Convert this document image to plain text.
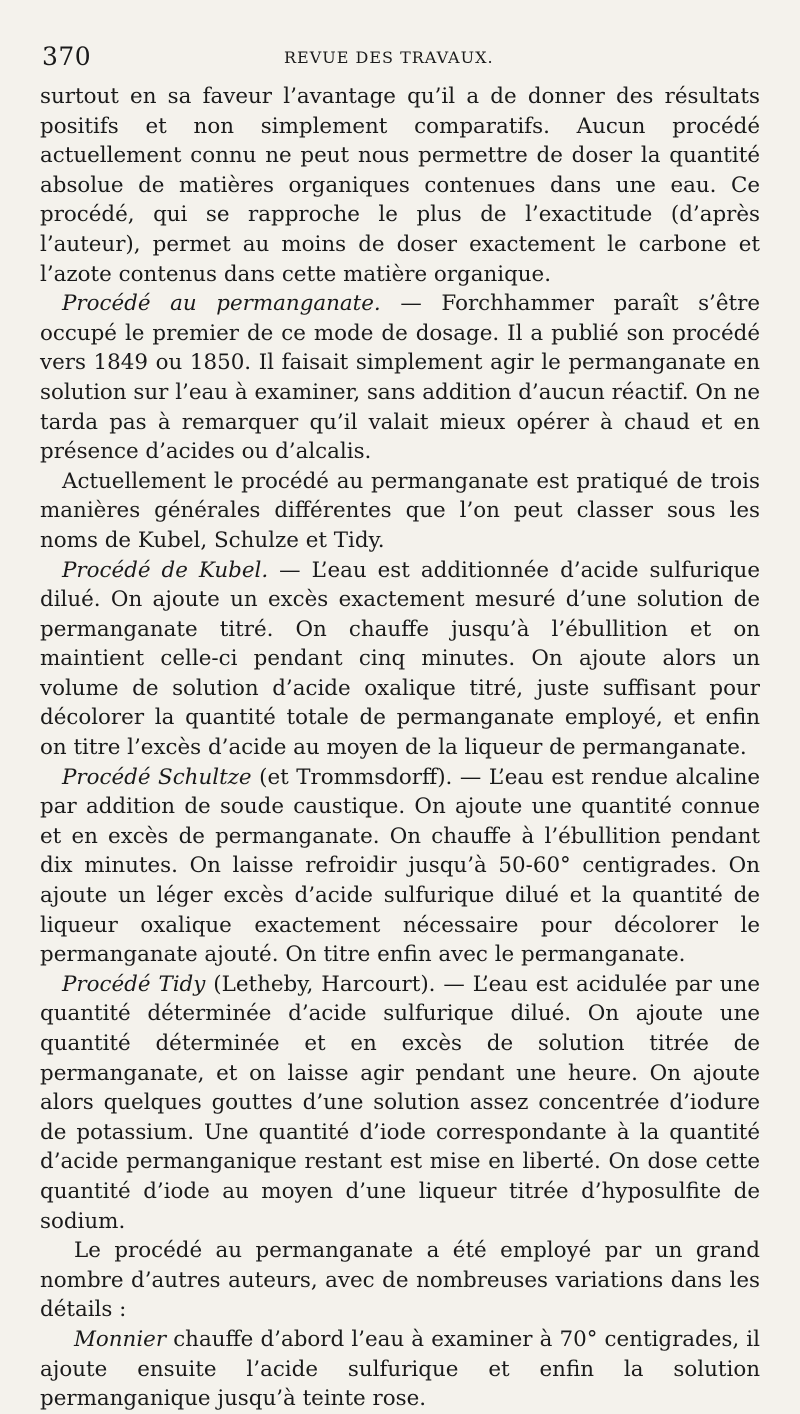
370	REVUE DES TRAVAUX.

surtout en sa faveur l’avantage qu’il a de donner des résultats positifs et non simplement comparatifs. Aucun procédé actuellement connu ne peut nous permettre de doser la quantité absolue de matières organiques contenues dans une eau. Ce procédé, qui se rapproche le plus de l’exactitude (d’après l’auteur), permet au moins de doser exactement le carbone et l’azote contenus dans cette matière organique.

Procédé au permanganate. — Forchhammer paraît s’être occupé le premier de ce mode de dosage. Il a publié son procédé vers 1849 ou 1850. Il faisait simplement agir le permanganate en solution sur l’eau à examiner, sans addition d’aucun réactif. On ne tarda pas à remarquer qu’il valait mieux opérer à chaud et en présence d’acides ou d’alcalis.

Actuellement le procédé au permanganate est pratiqué de trois manières générales différentes que l’on peut classer sous les noms de Kubel, Schulze et Tidy.

Procédé de Kubel. — L’eau est additionnée d’acide sulfurique dilué. On ajoute un excès exactement mesuré d’une solution de permanganate titré. On chauffe jusqu’à l’ébullition et on maintient celle-ci pendant cinq minutes. On ajoute alors un volume de solution d’acide oxalique titré, juste suffisant pour décolorer la quantité totale de permanganate employé, et enfin on titre l’excès d’acide au moyen de la liqueur de permanganate.

Procédé Schultze (et Trommsdorff). — L’eau est rendue alcaline par addition de soude caustique. On ajoute une quantité connue et en excès de permanganate. On chauffe à l’ébullition pendant dix minutes. On laisse refroidir jusqu’à 50-60° centigrades. On ajoute un léger excès d’acide sulfurique dilué et la quantité de liqueur oxalique exactement nécessaire pour décolorer le permanganate ajouté. On titre enfin avec le permanganate.

Procédé Tidy (Letheby, Harcourt). — L’eau est acidulée par une quantité déterminée d’acide sulfurique dilué. On ajoute une quantité déterminée et en excès de solution titrée de permanganate, et on laisse agir pendant une heure. On ajoute alors quelques gouttes d’une solution assez concentrée d’iodure de potassium. Une quantité d’iode correspondante à la quantité d’acide permanganique restant est mise en liberté. On dose cette quantité d’iode au moyen d’une liqueur titrée d’hyposulfite de sodium.

Le procédé au permanganate a été employé par un grand nombre d’autres auteurs, avec de nombreuses variations dans les détails :

Monnier chauffe d’abord l’eau à examiner à 70° centigrades, il ajoute ensuite l’acide sulfurique et enfin la solution permanganique jusqu’à teinte rose.
